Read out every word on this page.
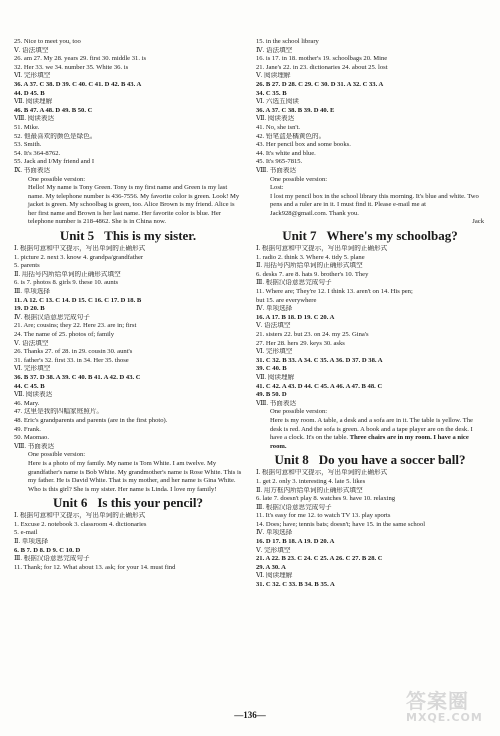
25. Nice to meet you, too
Ⅴ. 语法填空
26. am 27. My 28. years 29. first 30. middle 31. is
32. Her 33. we 34. number 35. White 36. is
Ⅵ. 完形填空
36. A 37. C 38. D 39. C 40. C 41. D 42. B 43. A
44. D 45. B
Ⅶ. 阅读理解
46. B 47. A 48. D 49. B 50. C
Ⅷ. 阅读表达
51. Mike.
52. 他最喜欢的颜色是绿色。
53. Smith.
54. It's 364-8762.
55. Jack and I/My friend and I
Ⅸ. 书面表达
One possible version:
Hello! My name is Tony Green. Tony is my first name and Green is my last name. My telephone number is 436-7556. My favorite color is green. Look! My jacket is green. My schoolbag is green, too. Alice Brown is my friend. Alice is her first name and Brown is her last name. Her favorite color is blue. Her telephone number is 218-4862. She is in China now.
Unit 5 This is my sister.
Ⅰ. 根据句意和中文提示，写出单词的正确形式
1. picture 2. next 3. know 4. grandpa/grandfather
5. parents
Ⅱ. 用括号内所给单词的正确形式填空
6. is 7. photos 8. girls 9. these 10. aunts
Ⅲ. 单项选择
11. A 12. C 13. C 14. D 15. C 16. C 17. D 18. B
19. D 20. B
Ⅳ. 根据汉语意思完成句子
21. Are; cousins; they 22. Here 23. are in; first
24. The name of 25. photos of; family
Ⅴ. 语法填空
26. Thanks 27. of 28. in 29. cousin 30. aunt's
31. father's 32. first 33. in 34. Her 35. those
Ⅵ. 完形填空
36. B 37. D 38. A 39. C 40. B 41. A 42. D 43. C
44. C 45. B
Ⅶ. 阅读表达
46. Mary.
47. 这里是我的四幅家庭照片。
48. Eric's grandparents and parents (are in the first photo).
49. Frank.
50. Maomao.
Ⅷ. 书面表达
One possible version:
Here is a photo of my family. My name is Tom White. I am twelve. My grandfather's name is Bob White. My grandmother's name is Rose White. This is my father. He is David White. That is my mother, and her name is Gina White. Who is this girl? She is my sister. Her name is Linda. I love my family!
Unit 6 Is this your pencil?
Ⅰ. 根据句意和中文提示，写出单词的正确形式
1. Excuse 2. notebook 3. classroom 4. dictionaries
5. e-mail
Ⅱ. 单项选择
6. B 7. D 8. D 9. C 10. D
Ⅲ. 根据汉语意思完成句子
11. Thank; for 12. What about 13. ask; for your 14. must find
15. in the school library
Ⅳ. 语法填空
16. is 17. in 18. mother's 19. schoolbags 20. Mine
21. Jane's 22. in 23. dictionaries 24. about 25. lost
Ⅴ. 阅读理解
26. B 27. D 28. C 29. C 30. D 31. A 32. C 33. A
34. C 35. B
Ⅵ. 六选五阅读
36. A 37. C 38. B 39. D 40. E
Ⅶ. 阅读表达
41. No, she isn't.
42. 铅笔盒是橘黄色的。
43. Her pencil box and some books.
44. It's white and blue.
45. It's 965-7815.
Ⅷ. 书面表达
One possible version:
Lost:
I lost my pencil box in the school library this morning. It's blue and white. Two pens and a ruler are in it. I must find it. Please e-mail me at Jack928@gmail.com. Thank you.
Jack
Unit 7 Where's my schoolbag?
Ⅰ. 根据句意和中文提示，写出单词的正确形式
1. radio 2. think 3. Where 4. tidy 5. plane
Ⅱ. 用括号内所给单词的正确形式填空
6. desks 7. are 8. hats 9. brother's 10. They
Ⅲ. 根据汉语意思完成句子
11. Where are; They're 12. I think 13. aren't on 14. His pen;
but 15. are everywhere
Ⅳ. 单项选择
16. A 17. B 18. D 19. C 20. A
Ⅴ. 语法填空
21. sisters 22. but 23. on 24. my 25. Gina's
27. Her 28. hers 29. keys 30. asks
Ⅵ. 完形填空
31. C 32. B 33. A 34. C 35. A 36. D 37. D 38. A
39. C 40. B
Ⅶ. 阅读理解
41. C 42. A 43. D 44. C 45. A 46. A 47. B 48. C
49. B 50. D
Ⅷ. 书面表达
One possible version:
Here is my room. A table, a desk and a sofa are in it. The table is yellow. The desk is red. And the sofa is green. A book and a tape player are on the desk. I have a clock. It's on the table. Three chairs are in my room. I have a nice room.
Unit 8 Do you have a soccer ball?
Ⅰ. 根据句意和中文提示，写出单词的正确形式
1. get 2. only 3. interesting 4. late 5. likes
Ⅱ. 用方框内所给单词的正确形式填空
6. late 7. doesn't play 8. watches 9. have 10. relaxing
Ⅲ. 根据汉语意思完成句子
11. It's easy for me 12. to watch TV 13. play sports
14. Does; have; tennis bats; doesn't; have 15. in the same school
Ⅳ. 单项选择
16. D 17. B 18. A 19. D 20. A
Ⅴ. 完形填空
21. A 22. B 23. C 24. C 25. A 26. C 27. B 28. C
29. A 30. A
Ⅵ. 阅读理解
31. C 32. C 33. B 34. B 35. A
—136—
答案圈
MXQE.COM
